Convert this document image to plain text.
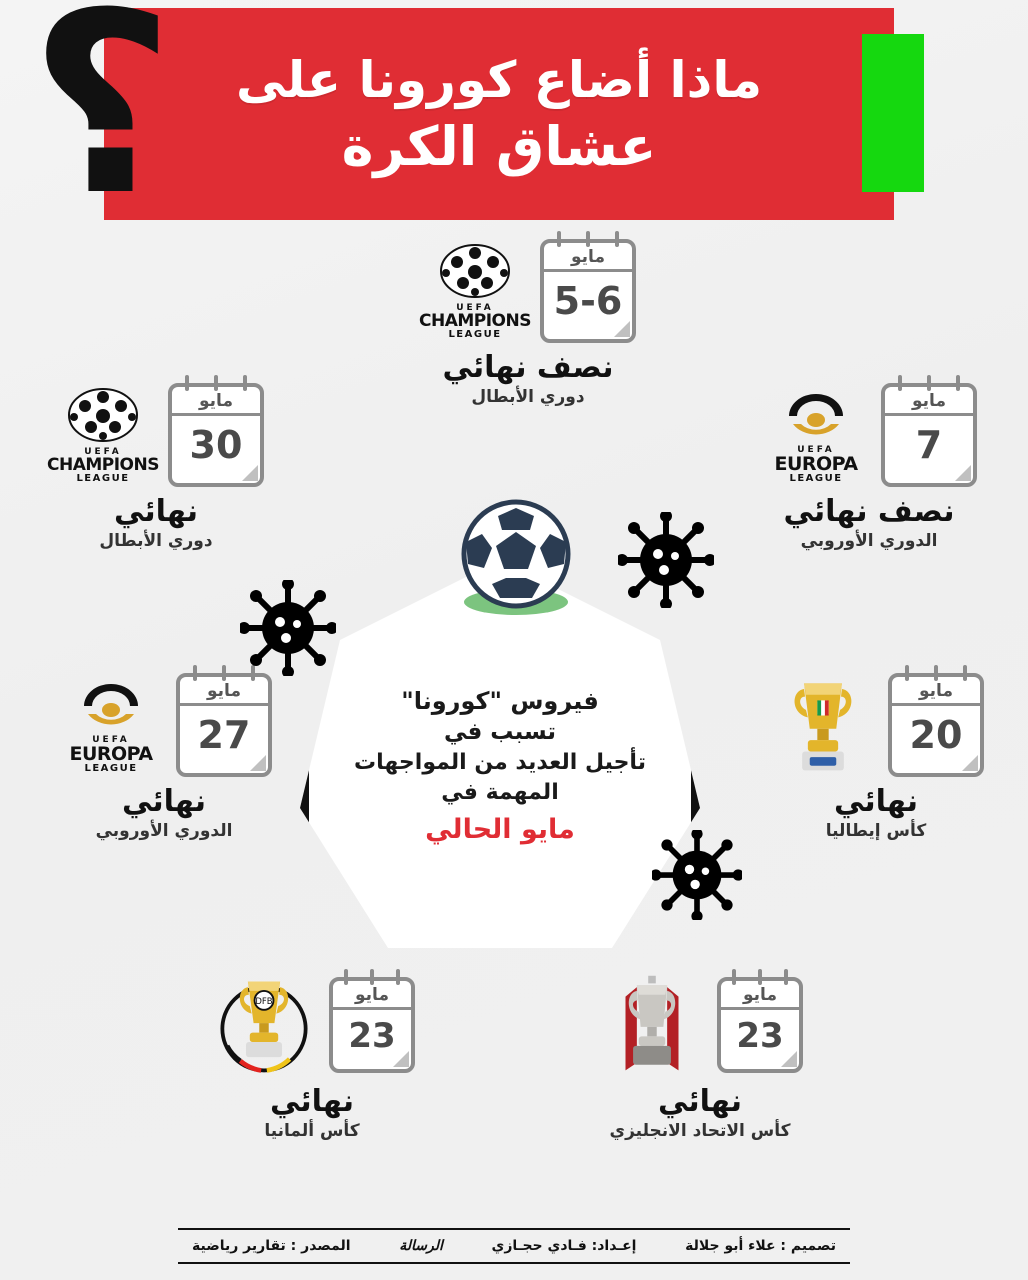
؟ ماذا أضاع كورونا على
عشاق الكرة
فيروس "كورونا"
تسبب في
تأجيل العديد من المواجهات
المهمة في
مايو الحالي
UEFA
CHAMPIONS
LEAGUE
مايو
5-6
نصف نهائي
دوري الأبطال
UEFA
CHAMPIONS
LEAGUE
مايو
30
نهائي
دوري الأبطال
UEFA
EUROPA
LEAGUE
مايو
7
نصف نهائي
الدوري الأوروبي
UEFA
EUROPA
LEAGUE
مايو
27
نهائي
الدوري الأوروبي
مايو
20
نهائي
كأس إيطاليا
DFB	مايو
23
نهائي
كأس ألمانيا
مايو
23
نهائي
كأس الاتحاد الانجليزي
تصميم : علاء أبو جلالة
إعـداد: فـادي حجـازي
الرسالة
المصدر : تقارير رياضية
